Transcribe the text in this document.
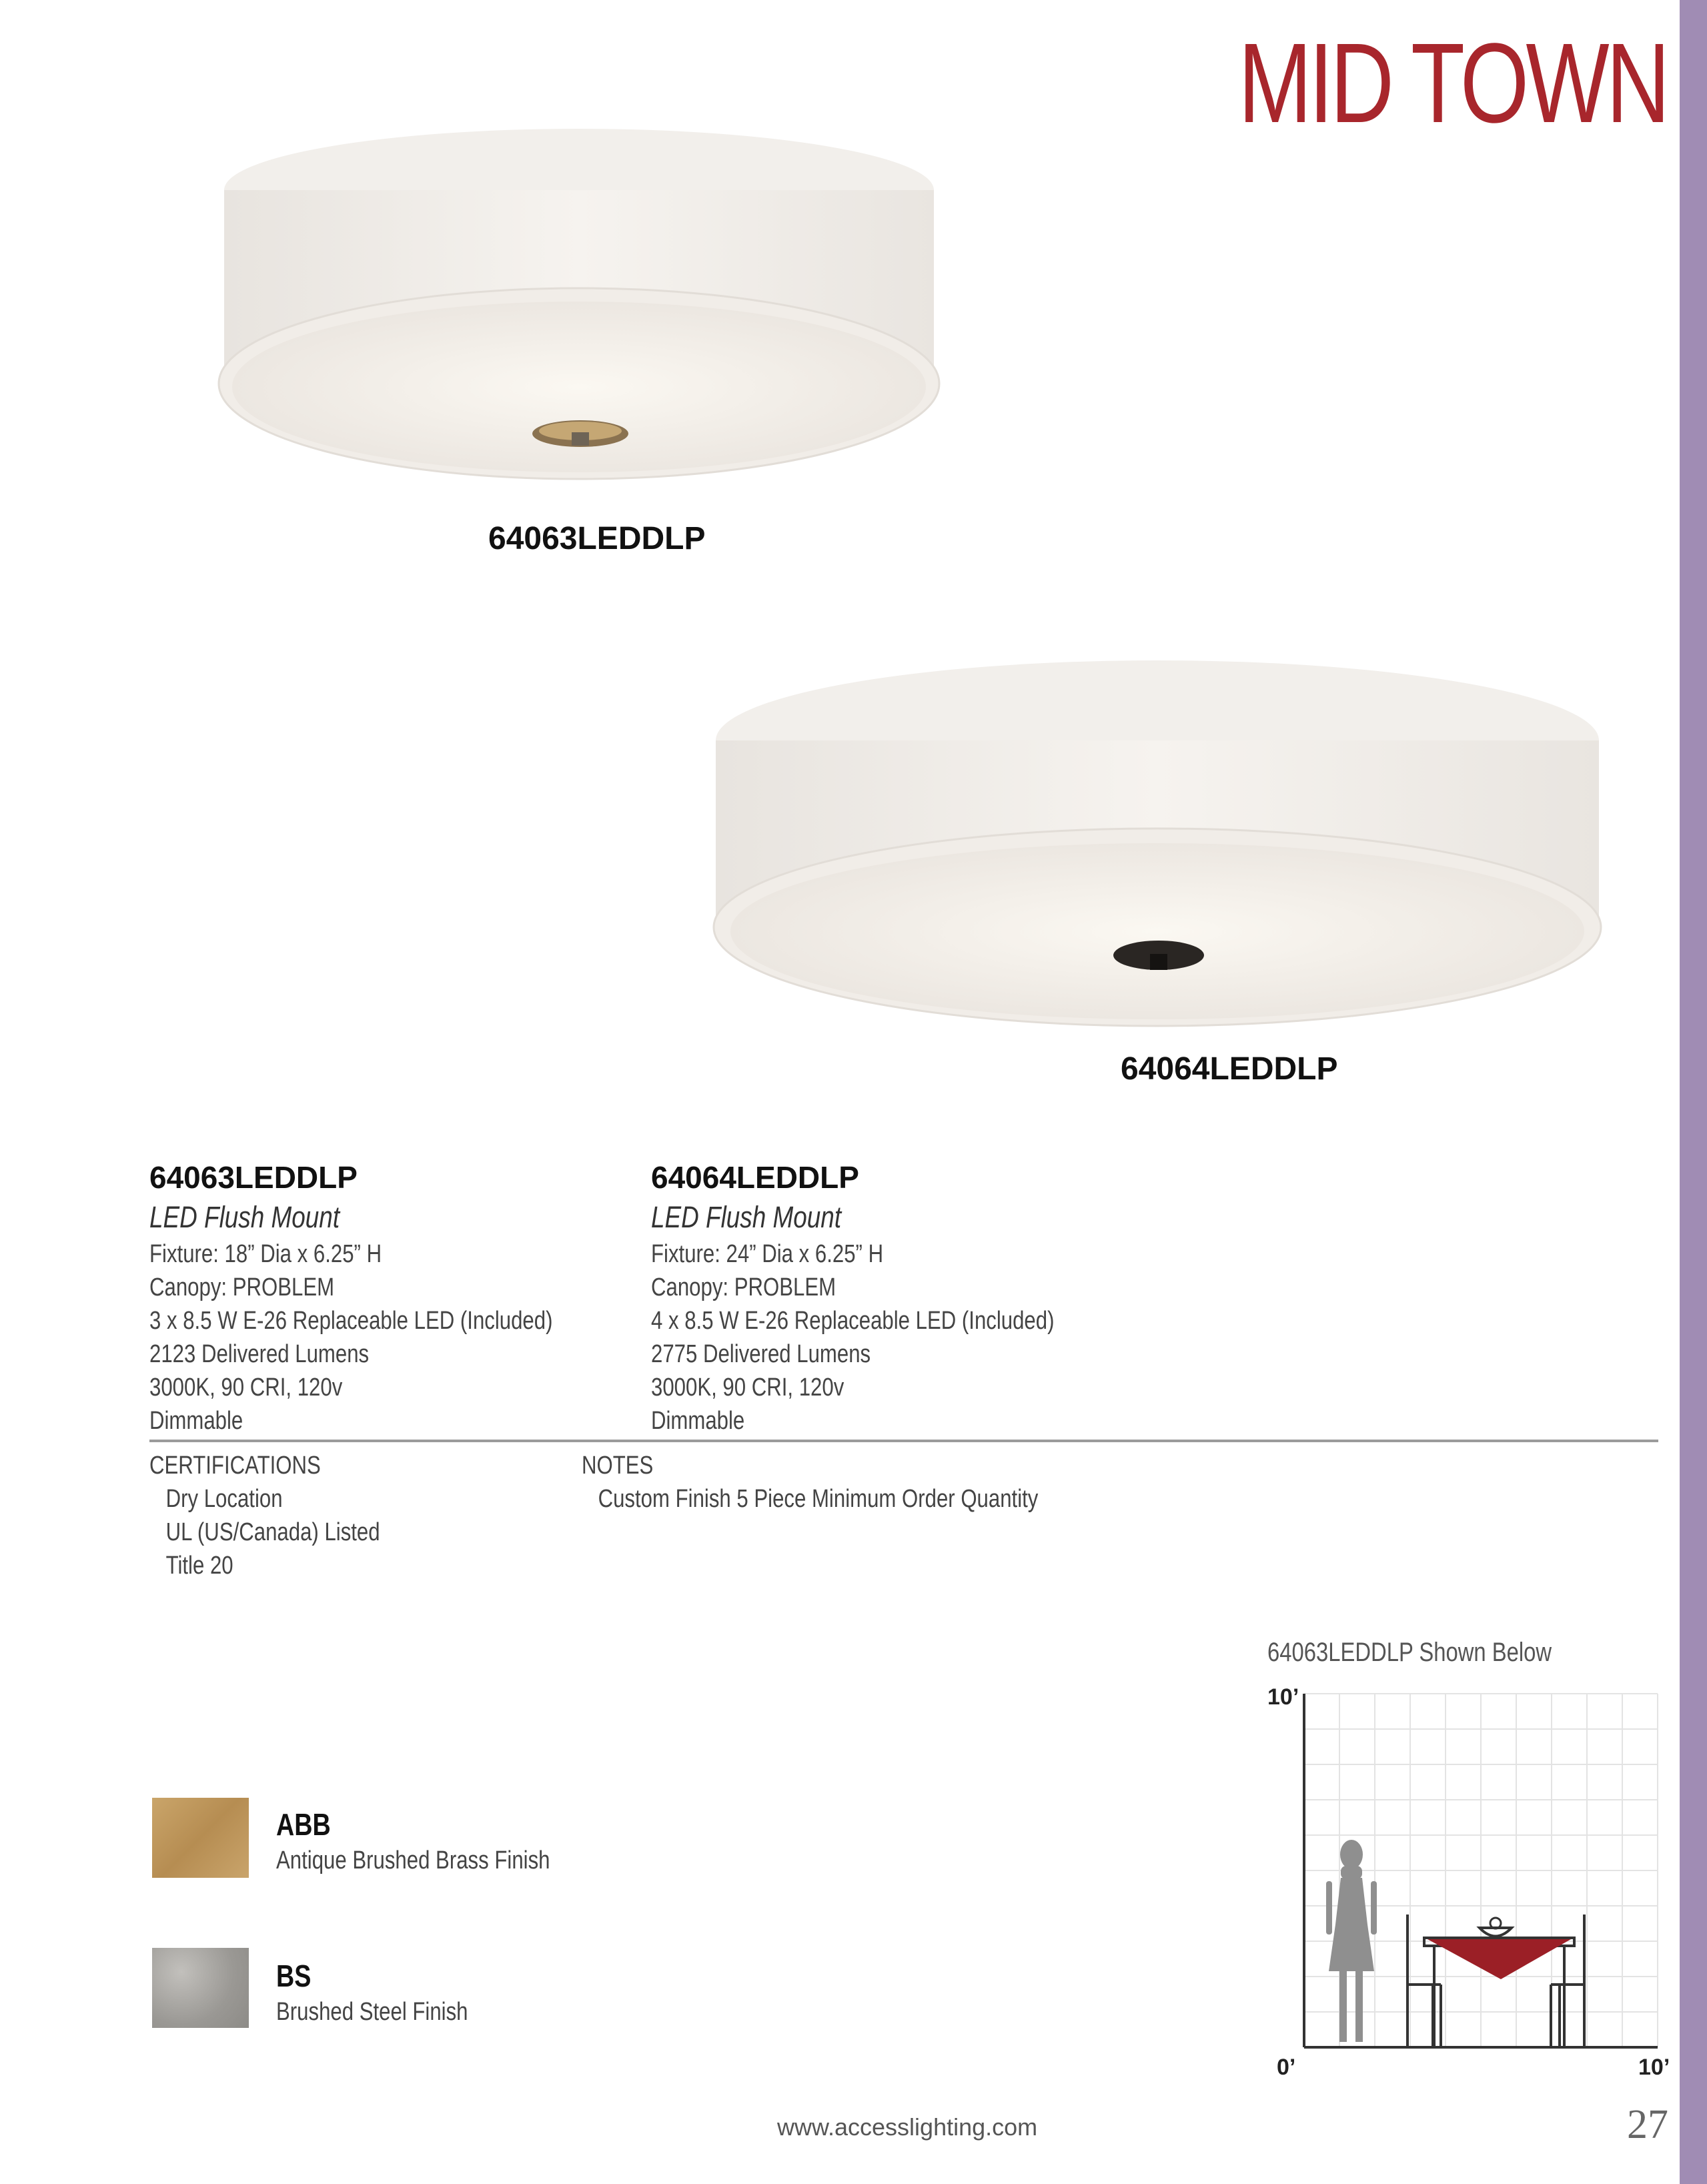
MID TOWN
64063LEDDLP
64064LEDDLP
64063LEDDLP
LED Flush Mount
Fixture: 18” Dia x 6.25” H
Canopy: PROBLEM
3 x 8.5 W E-26 Replaceable LED (Included)
2123 Delivered Lumens
3000K, 90 CRI, 120v
Dimmable
64064LEDDLP
LED Flush Mount
Fixture: 24” Dia x 6.25” H
Canopy: PROBLEM
4 x 8.5 W E-26 Replaceable LED (Included)
2775 Delivered Lumens
3000K, 90 CRI, 120v
Dimmable
CERTIFICATIONS
Dry Location
UL (US/Canada) Listed
Title 20
NOTES
Custom Finish 5 Piece Minimum Order Quantity
ABB
Antique Brushed Brass Finish
BS
Brushed Steel Finish
64063LEDDLP Shown Below
10’
0’	10’
www.accesslighting.com	27
